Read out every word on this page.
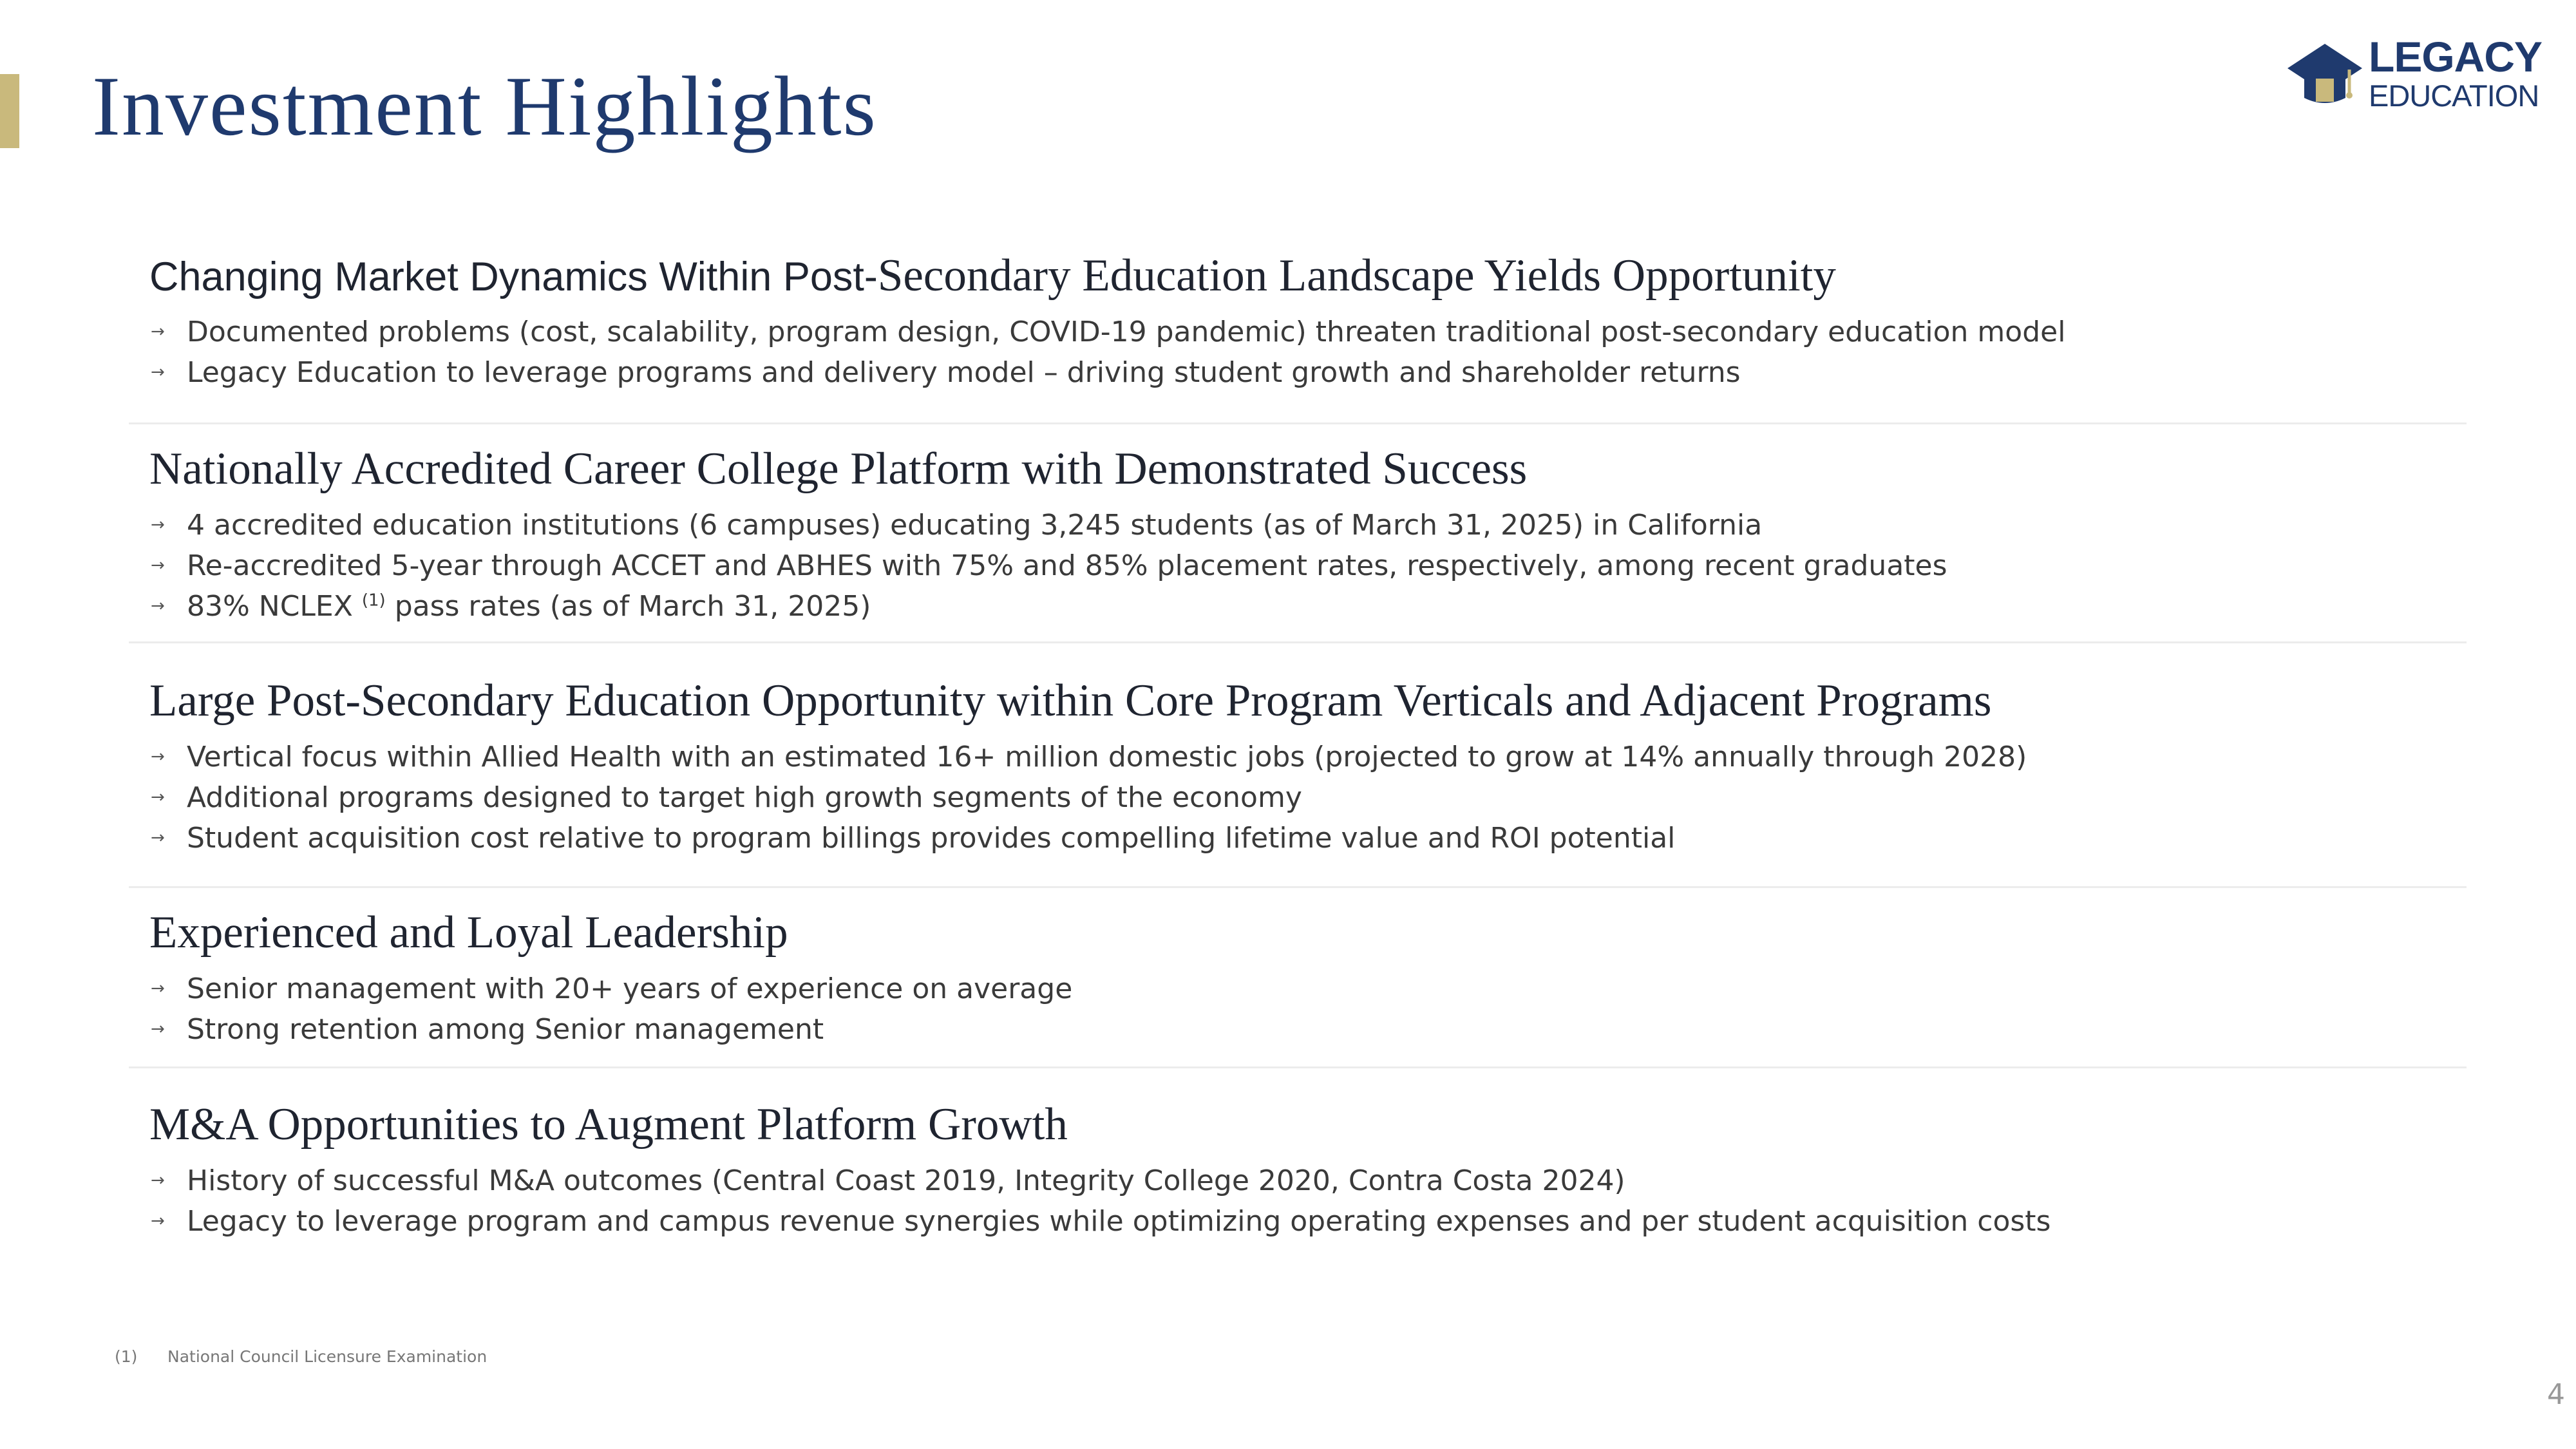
Investment Highlights
LEGACY
EDUCATION
Changing Market Dynamics Within Post-Secondary Education Landscape Yields Opportunity
→ Documented problems (cost, scalability, program design, COVID-19 pandemic) threaten traditional post-secondary education model
→ Legacy Education to leverage programs and delivery model – driving student growth and shareholder returns
Nationally Accredited Career College Platform with Demonstrated Success
→ 4 accredited education institutions (6 campuses) educating 3,245 students (as of March 31, 2025) in California
→ Re-accredited 5-year through ACCET and ABHES with 75% and 85% placement rates, respectively, among recent graduates
→ 83% NCLEX $^{(1)}$ pass rates (as of March 31, 2025)
Large Post-Secondary Education Opportunity within Core Program Verticals and Adjacent Programs
→ Vertical focus within Allied Health with an estimated 16+ million domestic jobs (projected to grow at 14% annually through 2028)
→ Additional programs designed to target high growth segments of the economy
→ Student acquisition cost relative to program billings provides compelling lifetime value and ROI potential
Experienced and Loyal Leadership
→ Senior management with 20+ years of experience on average
→ Strong retention among Senior management
M&A Opportunities to Augment Platform Growth
→ History of successful M&A outcomes (Central Coast 2019, Integrity College 2020, Contra Costa 2024)
→ Legacy to leverage program and campus revenue synergies while optimizing operating expenses and per student acquisition costs
(1) National Council Licensure Examination
4
